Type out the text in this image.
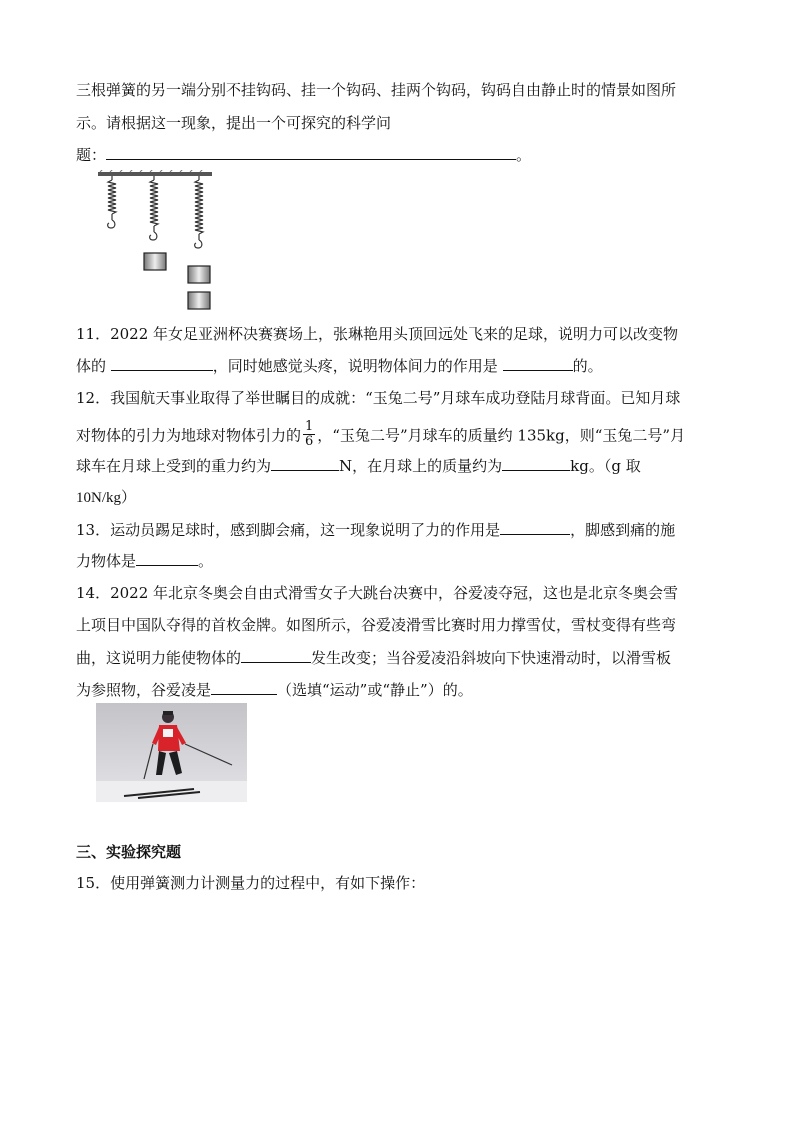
三根弹簧的另一端分别不挂钩码、挂一个钩码、挂两个钩码，钩码自由静止时的情景如图所
示。请根据这一现象，提出一个可探究的科学问
题：	。
11．2022 年女足亚洲杯决赛赛场上，张琳艳用头顶回远处飞来的足球，说明力可以改变物
体的	，同时她感觉头疼，说明物体间力的作用是	的。
12．我国航天事业取得了举世瞩目的成就：“玉兔二号”月球车成功登陆月球背面。已知月球
对物体的引力为地球对物体引力的 $\frac{1}{6}$ ，“玉兔二号”月球车的质量约 135kg，则“玉兔二号”月
球车在月球上受到的重力约为	N，在月球上的质量约为	kg。（g 取
10N/kg）
13．运动员踢足球时，感到脚会痛，这一现象说明了力的作用是	，脚感到痛的施
力物体是	。
14．2022 年北京冬奥会自由式滑雪女子大跳台决赛中，谷爱凌夺冠，这也是北京冬奥会雪
上项目中国队夺得的首枚金牌。如图所示，谷爱凌滑雪比赛时用力撑雪仗，雪杖变得有些弯
曲，这说明力能使物体的	发生改变；当谷爱凌沿斜坡向下快速滑动时，以滑雪板
为参照物，谷爱凌是	（选填“运动”或“静止”）的。
三、实验探究题
15．使用弹簧测力计测量力的过程中，有如下操作：
